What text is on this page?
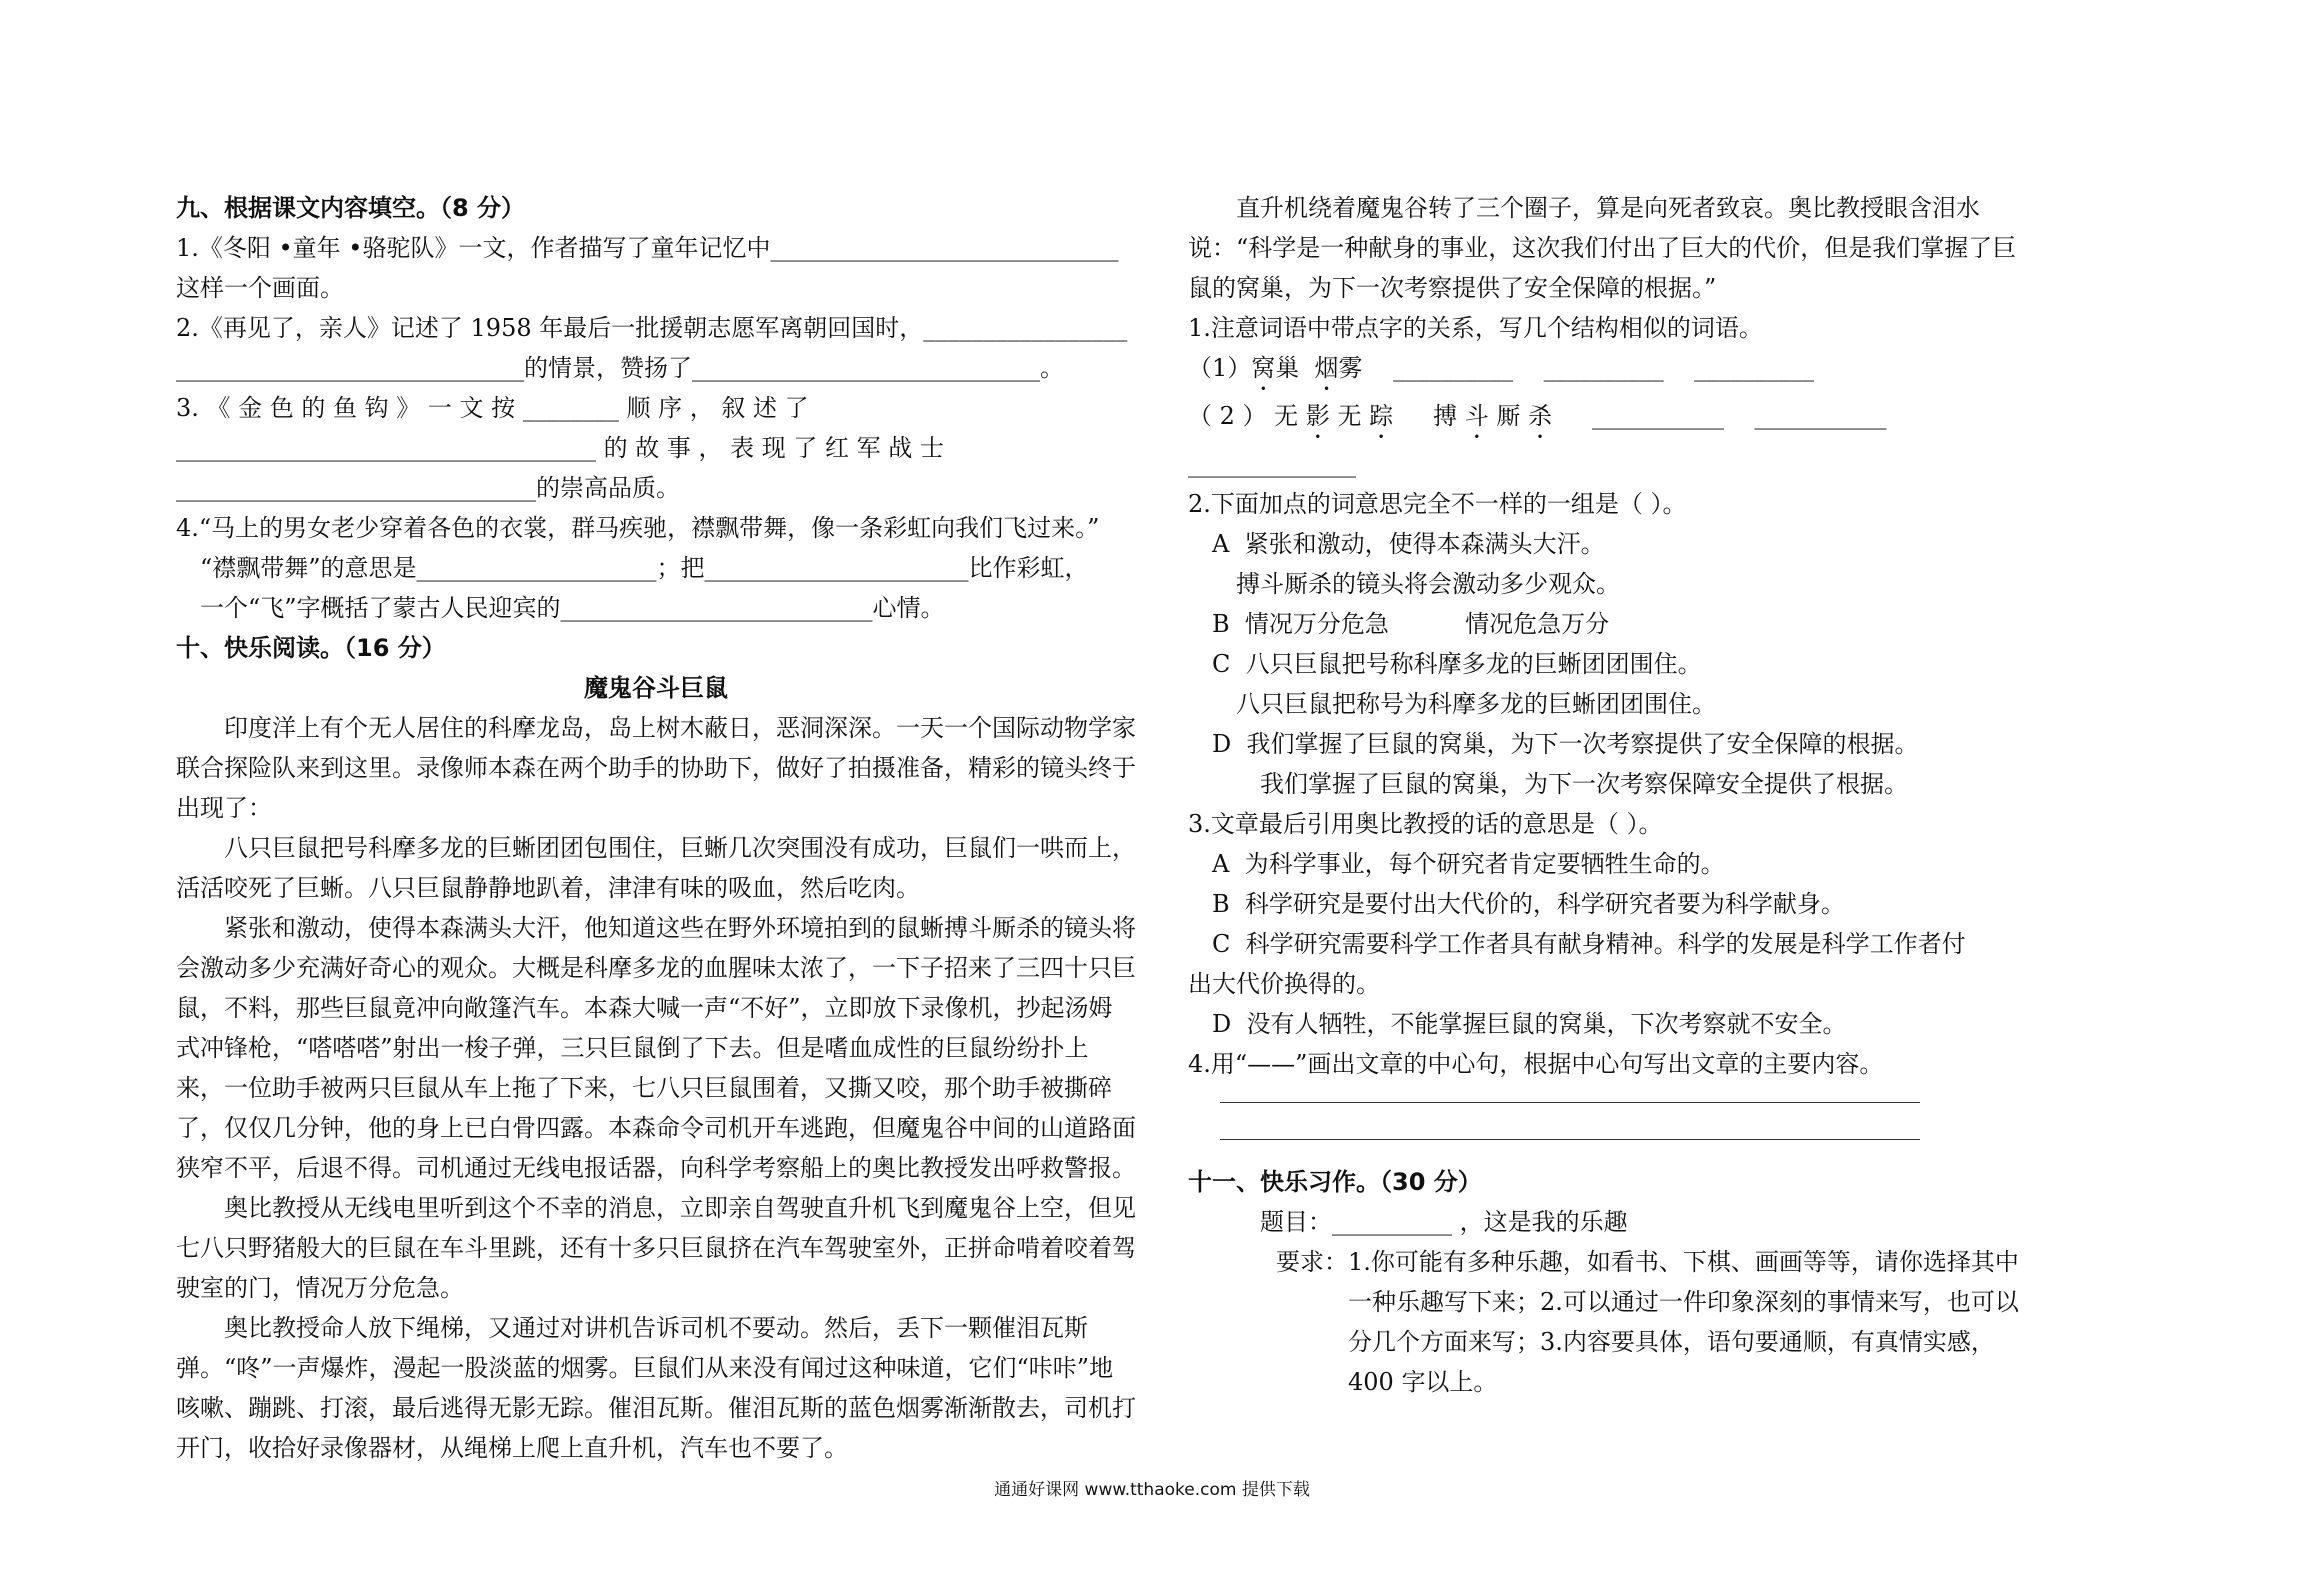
九、根据课文内容填空。（8 分）
1.《冬阳 •童年 •骆驼队》一文，作者描写了童年记忆中_____________________________
这样一个画面。
2.《再见了，亲人》记述了 1958 年最后一批援朝志愿军离朝回国时，_________________
_____________________________的情景，赞扬了_____________________________。
3. 《 金 色 的 鱼 钩 》 一 文 按 ________ 顺 序 ， 叙 述 了
___________________________________ 的 故 事 ， 表 现 了 红 军 战 士
______________________________的崇高品质。
4.“马上的男女老少穿着各色的衣裳，群马疾驰，襟飘带舞，像一条彩虹向我们飞过来。”
“襟飘带舞”的意思是____________________；把______________________比作彩虹，
一个“飞”字概括了蒙古人民迎宾的__________________________心情。
十、快乐阅读。（16 分）
魔鬼谷斗巨鼠
印度洋上有个无人居住的科摩龙岛，岛上树木蔽日，恶洞深深。一天一个国际动物学家联合探险队来到这里。录像师本森在两个助手的协助下，做好了拍摄准备，精彩的镜头终于出现了：
八只巨鼠把号科摩多龙的巨蜥团团包围住，巨蜥几次突围没有成功，巨鼠们一哄而上，活活咬死了巨蜥。八只巨鼠静静地趴着，津津有味的吸血，然后吃肉。
紧张和激动，使得本森满头大汗，他知道这些在野外环境拍到的鼠蜥搏斗厮杀的镜头将会激动多少充满好奇心的观众。大概是科摩多龙的血腥味太浓了，一下子招来了三四十只巨鼠，不料，那些巨鼠竟冲向敞篷汽车。本森大喊一声“不好”，立即放下录像机，抄起汤姆式冲锋枪，“嗒嗒嗒”射出一梭子弹，三只巨鼠倒了下去。但是嗜血成性的巨鼠纷纷扑上来，一位助手被两只巨鼠从车上拖了下来，七八只巨鼠围着，又撕又咬，那个助手被撕碎了，仅仅几分钟，他的身上已白骨四露。本森命令司机开车逃跑，但魔鬼谷中间的山道路面狭窄不平，后退不得。司机通过无线电报话器，向科学考察船上的奥比教授发出呼救警报。
奥比教授从无线电里听到这个不幸的消息，立即亲自驾驶直升机飞到魔鬼谷上空，但见七八只野猪般大的巨鼠在车斗里跳，还有十多只巨鼠挤在汽车驾驶室外，正拼命啃着咬着驾驶室的门，情况万分危急。
奥比教授命人放下绳梯，又通过对讲机告诉司机不要动。然后，丢下一颗催泪瓦斯弹。“咚”一声爆炸，漫起一股淡蓝的烟雾。巨鼠们从来没有闻过这种味道，它们“咔咔”地咳嗽、蹦跳、打滚，最后逃得无影无踪。催泪瓦斯。催泪瓦斯的蓝色烟雾渐渐散去，司机打开门，收拾好录像器材，从绳梯上爬上直升机，汽车也不要了。
直升机绕着魔鬼谷转了三个圈子，算是向死者致哀。奥比教授眼含泪水说：“科学是一种献身的事业，这次我们付出了巨大的代价，但是我们掌握了巨鼠的窝巢，为下一次考察提供了安全保障的根据。”
1.注意词语中带点字的关系，写几个结构相似的词语。
（1）窝巢 烟雾 __________    __________    __________
（ 2 ） 无 影 无 踪 搏 斗 厮 杀 ___________    ___________
______________
2.下面加点的词意思完全不一样的一组是（ ）。
A  紧张和激动，使得本森满头大汗。
搏斗厮杀的镜头将会激动多少观众。
B  情况万分危急          情况危急万分
C  八只巨鼠把号称科摩多龙的巨蜥团团围住。
八只巨鼠把称号为科摩多龙的巨蜥团团围住。
D  我们掌握了巨鼠的窝巢，为下一次考察提供了安全保障的根据。
我们掌握了巨鼠的窝巢，为下一次考察保障安全提供了根据。
3.文章最后引用奥比教授的话的意思是（ ）。
A  为科学事业，每个研究者肯定要牺牲生命的。
B  科学研究是要付出大代价的，科学研究者要为科学献身。
C  科学研究需要科学工作者具有献身精神。科学的发展是科学工作者付
出大代价换得的。
D  没有人牺牲，不能掌握巨鼠的窝巢，下次考察就不安全。
4.用“——”画出文章的中心句，根据中心句写出文章的主要内容。
十一、快乐习作。（30 分）
题目：__________ ，这是我的乐趣
要求：1.你可能有多种乐趣，如看书、下棋、画画等等，请你选择其中一种乐趣写下来；2.可以通过一件印象深刻的事情来写，也可以分几个方面来写；3.内容要具体，语句要通顺，有真情实感，400 字以上。
通通好课网 www.tthaoke.com 提供下载
